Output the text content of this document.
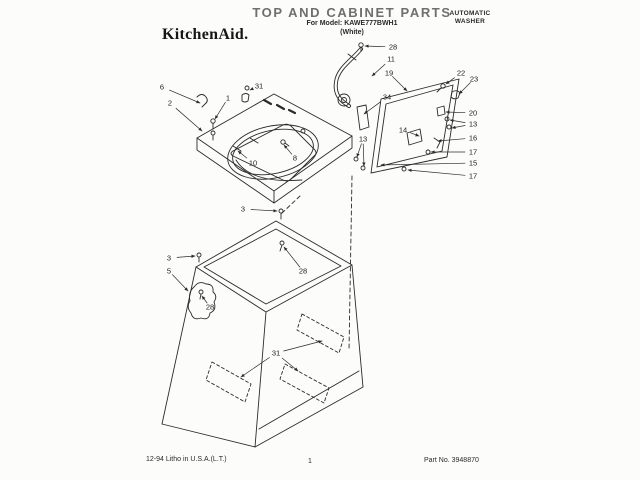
KitchenAid.
TOP AND CABINET PARTS
For Model: KAWE777BWH1
(White)
AUTOMATIC
WASHER
6
2
1
31
8
10
28
11
19
34
13
14
22
23
20
13
16
17
15
17
3
3
5	28
28
31
12-94 Litho in U.S.A.(L.T.)	1	Part No. 3948870
